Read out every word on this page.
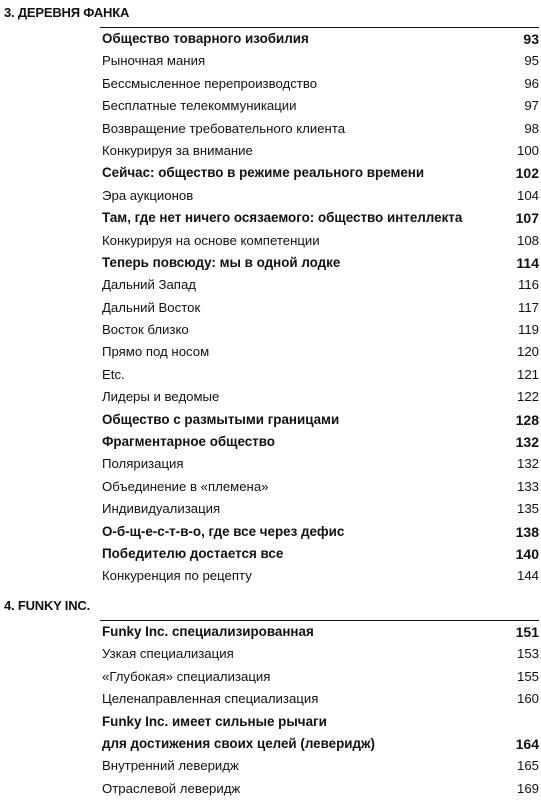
3. ДЕРЕВНЯ ФАНКА
Общество товарного изобилия	93
Рыночная мания	95
Бессмысленное перепроизводство	96
Бесплатные телекоммуникации	97
Возвращение требовательного клиента	98
Конкурируя за внимание	100
Сейчас: общество в режиме реального времени	102
Эра аукционов	104
Там, где нет ничего осязаемого: общество интеллекта	107
Конкурируя на основе компетенции	108
Теперь повсюду: мы в одной лодке	114
Дальний Запад	116
Дальний Восток	117
Восток близко	119
Прямо под носом	120
Etc.	121
Лидеры и ведомые	122
Общество с размытыми границами	128
Фрагментарное общество	132
Поляризация	132
Объединение в «племена»	133
Индивидуализация	135
О-б-щ-е-с-т-в-о, где все через дефис	138
Победителю достается все	140
Конкуренция по рецепту	144
4. FUNKY INC.
Funky Inc. специализированная	151
Узкая специализация	153
«Глубокая» специализация	155
Целенаправленная специализация	160
Funky Inc. имеет сильные рычаги
для достижения своих целей (леверидж)	164
Внутренний леверидж	165
Отраслевой леверидж	169
